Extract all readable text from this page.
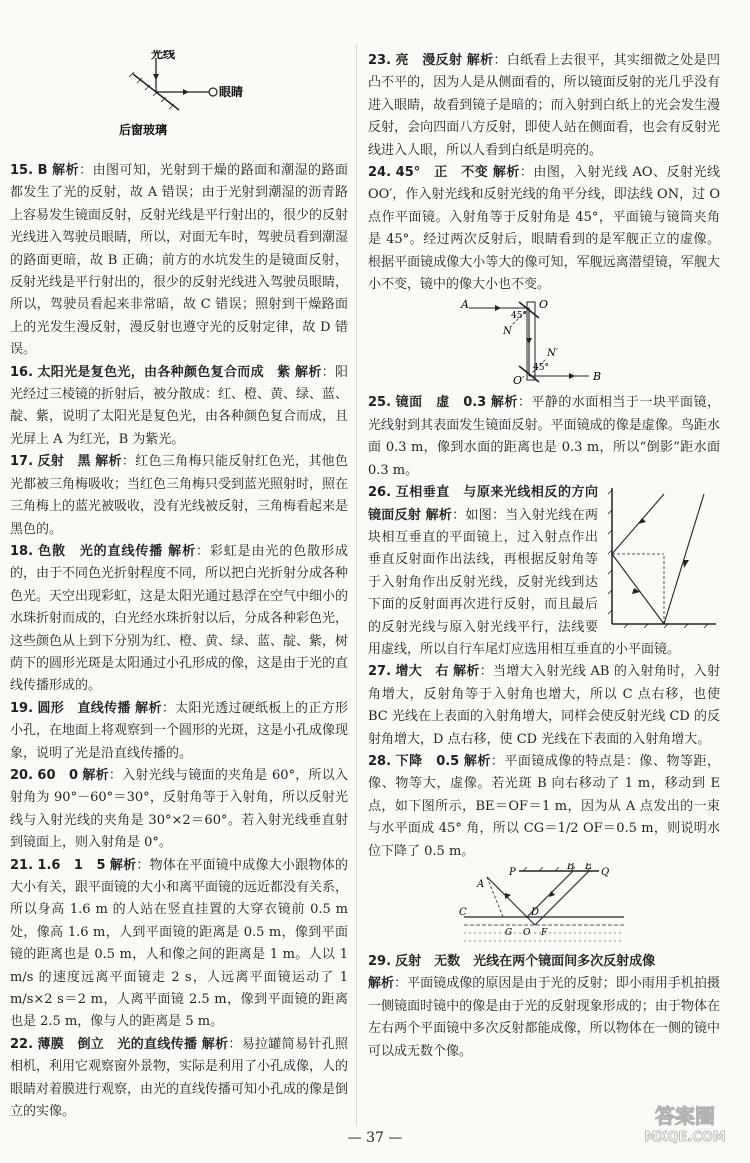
光线
眼睛
后窗玻璃

15. B 解析：由图可知，光射到干燥的路面和潮湿的路面都发生了光的反射，故 A 错误；由于光射到潮湿的沥青路上容易发生镜面反射，反射光线是平行射出的，很少的反射光线进入驾驶员眼睛，所以，对面无车时，驾驶员看到潮湿的路面更暗，故 B 正确；前方的水坑发生的是镜面反射，反射光线是平行射出的，很少的反射光线进入驾驶员眼睛，所以，驾驶员看起来非常暗，故 C 错误；照射到干燥路面上的光发生漫反射，漫反射也遵守光的反射定律，故 D 错误。

16. 太阳光是复色光，由各种颜色复合而成　紫 解析：阳光经过三棱镜的折射后，被分散成：红、橙、黄、绿、蓝、靛、紫，说明了太阳光是复色光，由各种颜色复合而成，且光屏上 A 为红光，B 为紫光。

17. 反射　黑 解析：红色三角梅只能反射红色光，其他色光都被三角梅吸收；当红色三角梅只受到蓝光照射时，照在三角梅上的蓝光被吸收，没有光线被反射，三角梅看起来是黑色的。

18. 色散　光的直线传播 解析：彩虹是由光的色散形成的，由于不同色光折射程度不同，所以把白光折射分成各种色光。天空出现彩虹，这是太阳光通过悬浮在空气中细小的水珠折射而成的，白光经水珠折射以后，分成各种彩色光，这些颜色从上到下分别为红、橙、黄、绿、蓝、靛、紫，树荫下的圆形光斑是太阳通过小孔形成的像，这是由于光的直线传播形成的。

19. 圆形　直线传播 解析：太阳光透过硬纸板上的正方形小孔，在地面上将观察到一个圆形的光斑，这是小孔成像现象，说明了光是沿直线传播的。

20. 60　0 解析：入射光线与镜面的夹角是 60°，所以入射角为 90°－60°＝30°，反射角等于入射角，所以反射光线与入射光线的夹角是 30°×2＝60°。若入射光线垂直射到镜面上，则入射角是 0°。

21. 1.6　1　5 解析：物体在平面镜中成像大小跟物体的大小有关，跟平面镜的大小和离平面镜的远近都没有关系，所以身高 1.6 m 的人站在竖直挂置的大穿衣镜前 0.5 m 处，像高 1.6 m，人到平面镜的距离是 0.5 m，像到平面镜的距离也是 0.5 m，人和像之间的距离是 1 m。人以 1 m/s 的速度远离平面镜走 2 s，人远离平面镜运动了 1 m/s×2 s＝2 m，人离平面镜 2.5 m，像到平面镜的距离也是 2.5 m，像与人的距离是 5 m。

22. 薄膜　倒立　光的直线传播 解析：易拉罐简易针孔照相机，利用它观察窗外景物，实际是利用了小孔成像，人的眼睛对着膜进行观察，由光的直线传播可知小孔成的像是倒立的实像。

23. 亮　漫反射 解析：白纸看上去很平，其实细微之处是凹凸不平的，因为人是从侧面看的，所以镜面反射的光几乎没有进入眼睛，故看到镜子是暗的；而入射到白纸上的光会发生漫反射，会向四面八方反射，即使人站在侧面看，也会有反射光线进入人眼，所以人看到白纸是明亮的。

24. 45°　正　不变 解析：由图，入射光线 AO、反射光线 OO′，作入射光线和反射光线的角平分线，即法线 ON，过 O 点作平面镜。入射角等于反射角是 45°，平面镜与镜筒夹角是 45°。经过两次反射后，眼睛看到的是军舰正立的虚像。根据平面镜成像大小等大的像可知，军舰远离潜望镜，军舰大小不变，镜中的像大小也不变。

A	O
45°
N
N′
45°
O′	B

25. 镜面　虚　0.3 解析：平静的水面相当于一块平面镜，光线射到其表面发生镜面反射。平面镜成的像是虚像。鸟距水面 0.3 m，像到水面的距离也是 0.3 m，所以“倒影”距水面 0.3 m。

26. 互相垂直　与原来光线相反的方向　镜面反射 解析：如图：当入射光线在两块相互垂直的平面镜上，过入射点作出垂直反射面作出法线，再根据反射角等于入射角作出反射光线，反射光线到达下面的反射面再次进行反射，而且最后的反射光线与原入射光线平行，法线要用虚线，所以自行车尾灯应选用相互垂直的小平面镜。

27. 增大　右 解析：当增大入射光线 AB 的入射角时，入射角增大，反射角等于入射角也增大，所以 C 点右移，也使 BC 光线在上表面的入射角增大，同样会使反射光线 CD 的反射角增大，D 点右移，使 CD 光线在下表面的入射角增大。

28. 下降　0.5 解析：平面镜成像的特点是：像、物等距，像、物等大，虚像。若光斑 B 向右移动了 1 m，移动到 E 点，如下图所示，BE＝OF＝1 m，因为从 A 点发出的一束与水平面成 45° 角，所以 CG＝1/2 OF＝0.5 m，则说明水位下降了 0.5 m。

P
B E
Q
A
C	D
G O F

29. 反射　无数　光线在两个镜面间多次反射成像
解析：平面镜成像的原因是由于光的反射；即小雨用手机拍摄一侧镜面时镜中的像是由于光的反射现象形成的；由于物体在左右两个平面镜中多次反射都能成像，所以物体在一侧的镜中可以成无数个像。

— 37 —
答案圈
MXQE.COM
